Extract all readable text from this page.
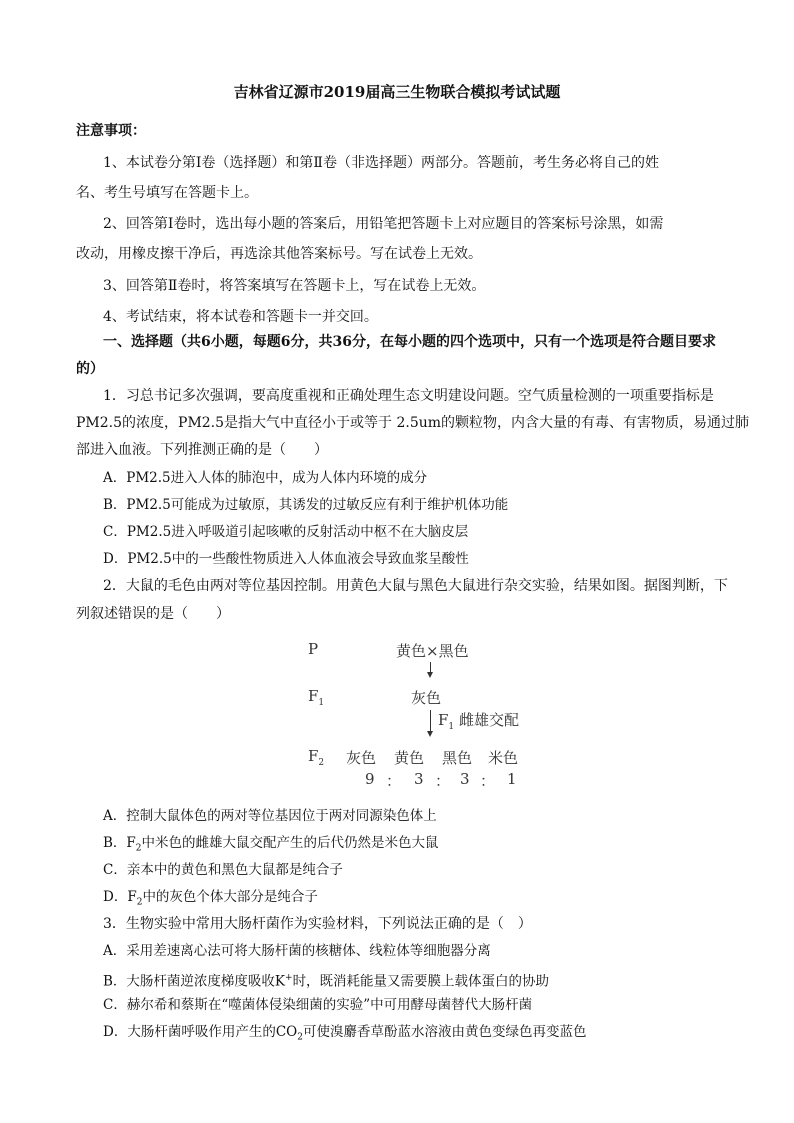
吉林省辽源市2019届高三生物联合模拟考试试题
注意事项：
1、本试卷分第Ⅰ卷（选择题）和第Ⅱ卷（非选择题）两部分。答题前，考生务必将自己的姓
名、考生号填写在答题卡上。
2、回答第Ⅰ卷时，选出每小题的答案后，用铅笔把答题卡上对应题目的答案标号涂黑，如需
改动，用橡皮擦干净后，再选涂其他答案标号。写在试卷上无效。
3、回答第Ⅱ卷时，将答案填写在答题卡上，写在试卷上无效。
4、考试结束，将本试卷和答题卡一并交回。
一、选择题（共6小题，每题6分，共36分，在每小题的四个选项中，只有一个选项是符合题目要求
的）
1．习总书记多次强调，要高度重视和正确处理生态文明建设问题。空气质量检测的一项重要指标是
PM2.5的浓度，PM2.5是指大气中直径小于或等于 2.5um的颗粒物，内含大量的有毒、有害物质，易通过肺
部进入血液。下列推测正确的是（　　）
A．PM2.5进入人体的肺泡中，成为人体内环境的成分
B．PM2.5可能成为过敏原，其诱发的过敏反应有利于维护机体功能
C．PM2.5进入呼吸道引起咳嗽的反射活动中枢不在大脑皮层
D．PM2.5中的一些酸性物质进入人体血液会导致血浆呈酸性
2．大鼠的毛色由两对等位基因控制。用黄色大鼠与黑色大鼠进行杂交实验，结果如图。据图判断，下
列叙述错误的是（　　）
P	黄色×黑色
$F_1$	灰色
$F_1$ 雌雄交配
$F_2$ 灰色 黄色 黑色 米色
9 ： 3 ： 3 ： 1
A．控制大鼠体色的两对等位基因位于两对同源染色体上
B．$F_2$中米色的雌雄大鼠交配产生的后代仍然是米色大鼠
C．亲本中的黄色和黑色大鼠都是纯合子
D．$F_2$中的灰色个体大部分是纯合子
3．生物实验中常用大肠杆菌作为实验材料，下列说法正确的是（　）
A．采用差速离心法可将大肠杆菌的核糖体、线粒体等细胞器分离
B．大肠杆菌逆浓度梯度吸收K+时，既消耗能量又需要膜上载体蛋白的协助
C．赫尔希和蔡斯在“噬菌体侵染细菌的实验”中可用酵母菌替代大肠杆菌
D．大肠杆菌呼吸作用产生的$CO_2$可使溴麝香草酚蓝水溶液由黄色变绿色再变蓝色
